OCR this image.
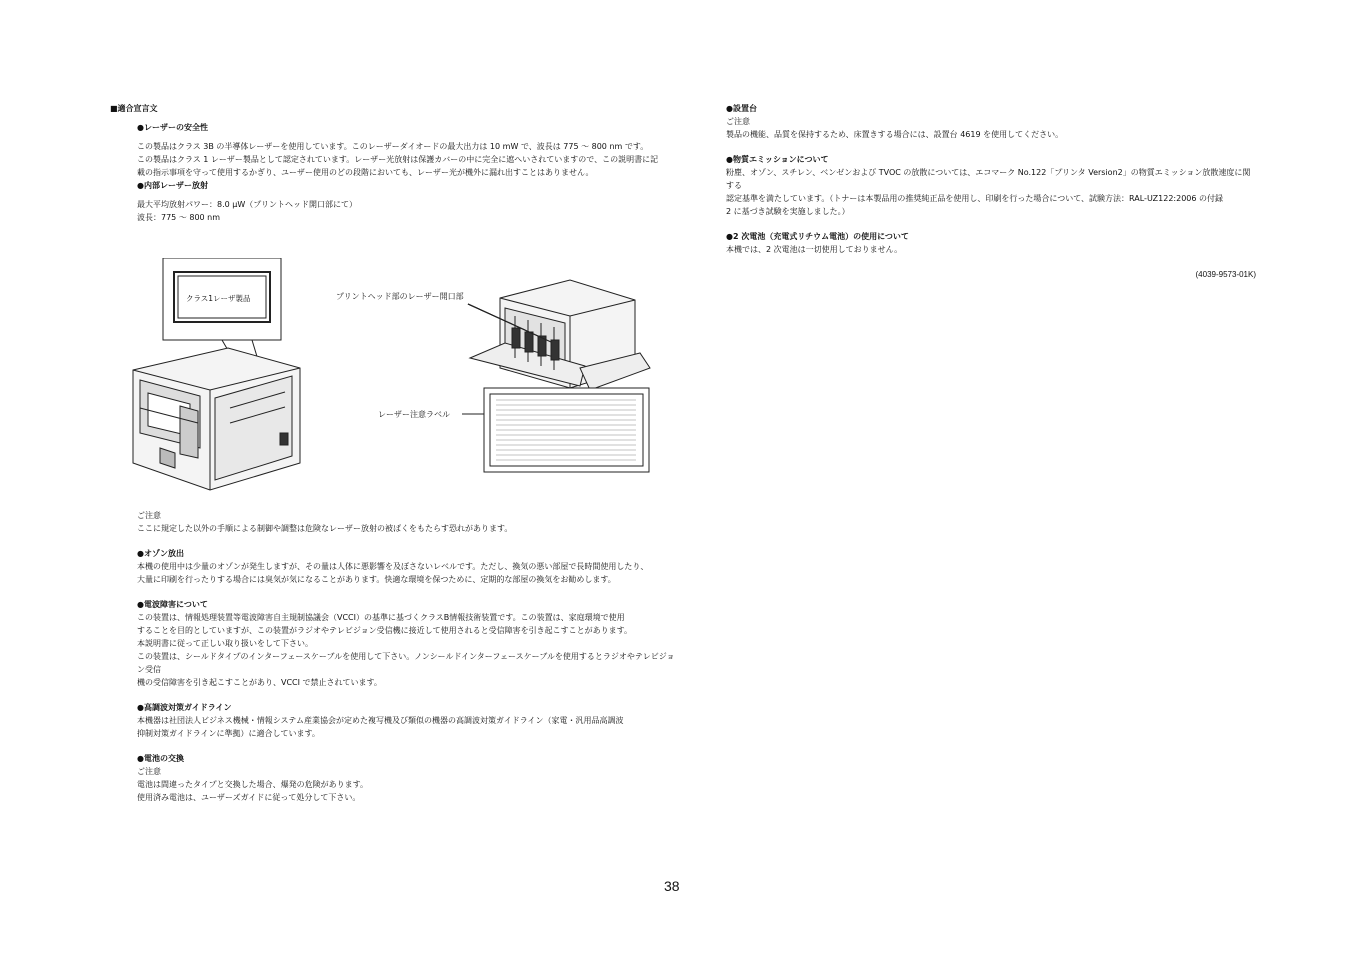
■適合宣言文
●レーザーの安全性

この製品はクラス 3B の半導体レーザーを使用しています。このレーザーダイオードの最大出力は 10 mW で、波長は 775 〜 800 nm です。

この製品はクラス 1 レーザー製品として認定されています。レーザー光放射は保護カバーの中に完全に遮へいされていますので、この説明書に記

載の指示事項を守って使用するかぎり、ユーザー使用のどの段階においても、レーザー光が機外に漏れ出すことはありません。

●内部レーザー放射

最大平均放射パワー：8.0 μW（プリントヘッド開口部にて）

波長：775 〜 800 nm

クラス1レーザ製品	プリントヘッド部のレーザー開口部
レーザー注意ラベル

ご注意

ここに規定した以外の手順による制御や調整は危険なレーザー放射の被ばくをもたらす恐れがあります。

●オゾン放出

本機の使用中は少量のオゾンが発生しますが、その量は人体に悪影響を及ぼさないレベルです。ただし、換気の悪い部屋で長時間使用したり、

大量に印刷を行ったりする場合には臭気が気になることがあります。快適な環境を保つために、定期的な部屋の換気をお勧めします。

●電波障害について

この装置は、情報処理装置等電波障害自主規制協議会（VCCI）の基準に基づくクラスB情報技術装置です。この装置は、家庭環境で使用

することを目的としていますが、この装置がラジオやテレビジョン受信機に接近して使用されると受信障害を引き起こすことがあります。

本説明書に従って正しい取り扱いをして下さい。

この装置は、シールドタイプのインターフェースケーブルを使用して下さい。ノンシールドインターフェースケーブルを使用するとラジオやテレビジョン受信

機の受信障害を引き起こすことがあり、VCCI で禁止されています。

●高調波対策ガイドライン

本機器は社団法人ビジネス機械・情報システム産業協会が定めた複写機及び類似の機器の高調波対策ガイドライン（家電・汎用品高調波

抑制対策ガイドラインに準拠）に適合しています。

●電池の交換

ご注意

電池は間違ったタイプと交換した場合、爆発の危険があります。

使用済み電池は、ユーザーズガイドに従って処分して下さい。

●設置台

ご注意

製品の機能、品質を保持するため、床置きする場合には、設置台 4619 を使用してください。

●物質エミッションについて

粉塵、オゾン、スチレン、ベンゼンおよび TVOC の放散については、エコマーク No.122「プリンタ Version2」の物質エミッション放散速度に関する

認定基準を満たしています。（トナーは本製品用の推奨純正品を使用し、印刷を行った場合について、試験方法：RAL-UZ122:2006 の付録

2 に基づき試験を実施しました。）

●2 次電池（充電式リチウム電池）の使用について

本機では、2 次電池は一切使用しておりません。

(4039-9573-01K)

38
